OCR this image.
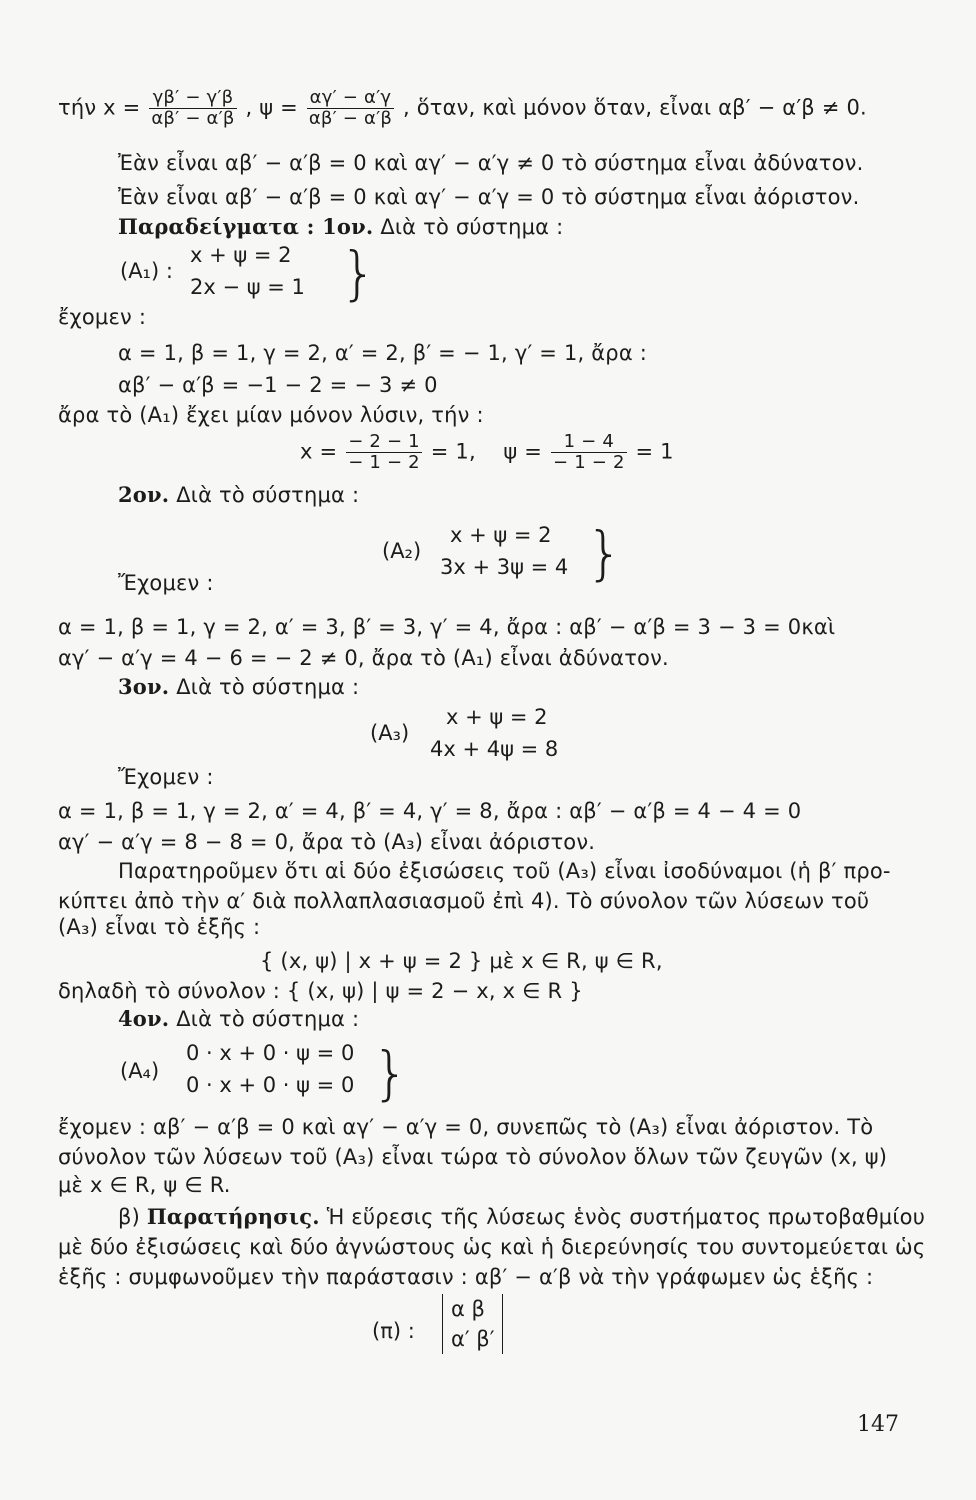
τήν $x = \frac{\gamma\beta' - \gamma'\beta}{\alpha\beta' - \alpha'\beta}$ , $\psi = \frac{\alpha\gamma' - \alpha'\gamma}{\alpha\beta' - \alpha'\beta}$ , ὅταν, καὶ μόνον ὅταν, εἶναι αβ′ − α′β ≠ 0.
Ἐὰν εἶναι αβ′ − α′β = 0 καὶ αγ′ − α′γ ≠ 0 τὸ σύστημα εἶναι ἀδύνατον.
Ἐὰν εἶναι αβ′ − α′β = 0 καὶ αγ′ − α′γ = 0 τὸ σύστημα εἶναι ἀόριστον.
Παραδείγματα : 1ον. Διὰ τὸ σύστημα :
(A₁) :
x + ψ = 2
2x − ψ = 1 }
ἔχομεν :
α = 1, β = 1, γ = 2, α′ = 2, β′ = − 1, γ′ = 1, ἄρα :
αβ′ − α′β = −1 − 2 = − 3 ≠ 0
ἄρα τὸ (A₁) ἔχει μίαν μόνον λύσιν, τήν :
$x = \frac{- 2 - 1}{- 1 - 2} = 1$, $\psi = \frac{1 - 4}{- 1 - 2} = 1$
2ον. Διὰ τὸ σύστημα :
(A₂)
x + ψ = 2
3x + 3ψ = 4 }
Ἔχομεν :
α = 1, β = 1, γ = 2, α′ = 3, β′ = 3, γ′ = 4, ἄρα : αβ′ − α′β = 3 − 3 = 0καὶ
αγ′ − α′γ = 4 − 6 = − 2 ≠ 0, ἄρα τὸ (A₁) εἶναι ἀδύνατον.
3ον. Διὰ τὸ σύστημα :
(A₃)
x + ψ = 2
4x + 4ψ = 8
Ἔχομεν :
α = 1, β = 1, γ = 2, α′ = 4, β′ = 4, γ′ = 8, ἄρα : αβ′ − α′β = 4 − 4 = 0
αγ′ − α′γ = 8 − 8 = 0, ἄρα τὸ (A₃) εἶναι ἀόριστον.
Παρατηροῦμεν ὅτι αἱ δύο ἐξισώσεις τοῦ (A₃) εἶναι ἰσοδύναμοι (ἡ β′ προ-
κύπτει ἀπὸ τὴν α′ διὰ πολλαπλασιασμοῦ ἐπὶ 4). Τὸ σύνολον τῶν λύσεων τοῦ
(A₃) εἶναι τὸ ἑξῆς :
{ (x, ψ) | x + ψ = 2 } μὲ x ∈ R, ψ ∈ R,
δηλαδὴ τὸ σύνολον : { (x, ψ) | ψ = 2 − x, x ∈ R }
4ον. Διὰ τὸ σύστημα :
(A₄)
0 · x + 0 · ψ = 0
0 · x + 0 · ψ = 0 }
ἔχομεν : αβ′ − α′β = 0 καὶ αγ′ − α′γ = 0, συνεπῶς τὸ (A₃) εἶναι ἀόριστον. Τὸ
σύνολον τῶν λύσεων τοῦ (A₃) εἶναι τώρα τὸ σύνολον ὅλων τῶν ζευγῶν (x, ψ)
μὲ x ∈ R, ψ ∈ R.
β) Παρατήρησις. Ἡ εὕρεσις τῆς λύσεως ἑνὸς συστήματος πρωτοβαθμίου
μὲ δύο ἐξισώσεις καὶ δύο ἀγνώστους ὡς καὶ ἡ διερεύνησίς του συντομεύεται ὡς
ἑξῆς : συμφωνοῦμεν τὴν παράστασιν : αβ′ − α′β νὰ τὴν γράφωμεν ὡς ἑξῆς :
(π) :
α β
α′ β′
147
